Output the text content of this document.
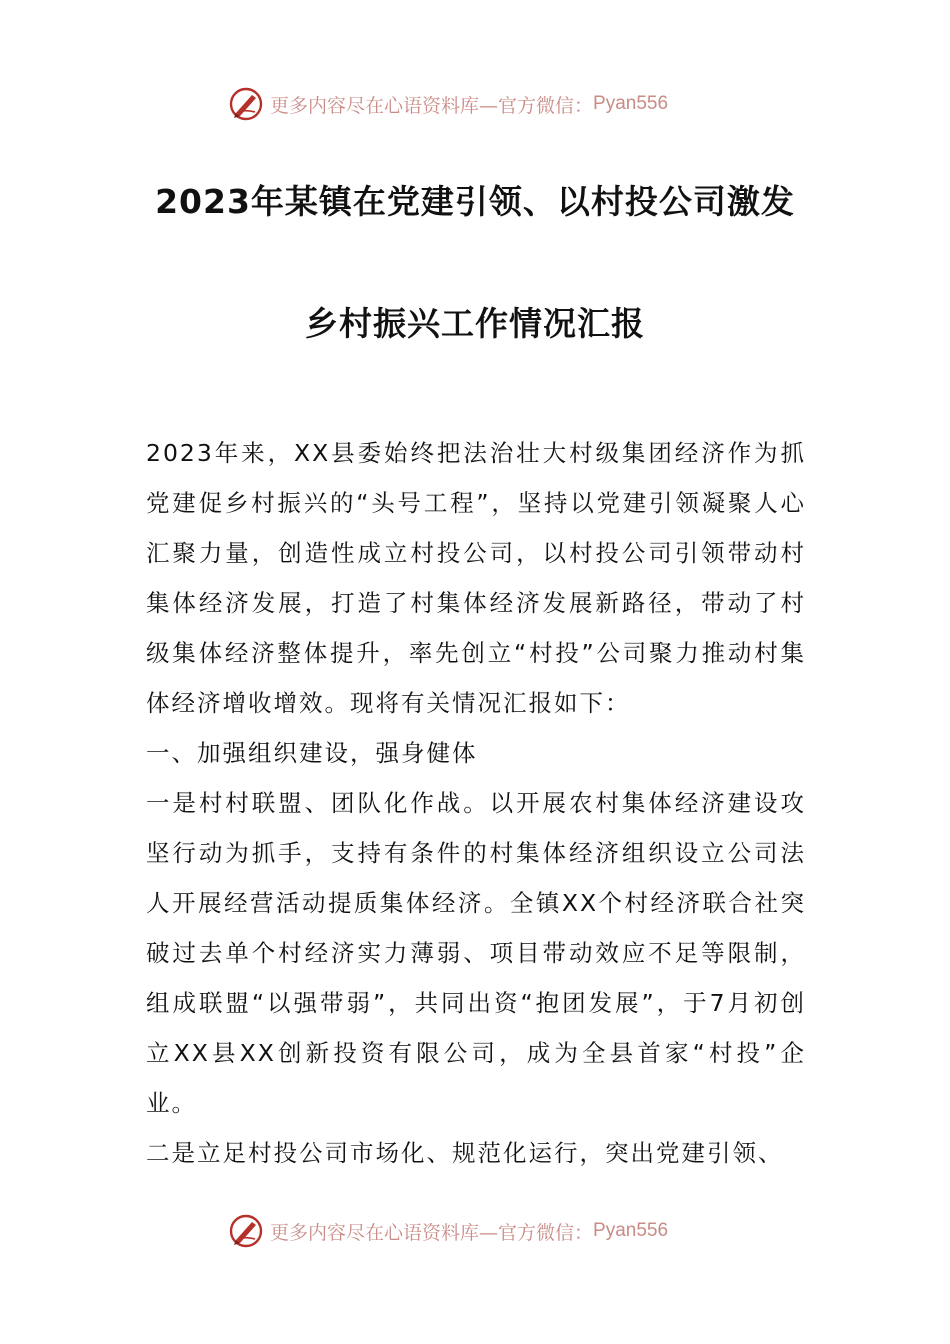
更多内容尽在心语资料库—官方微信： Pyan556
2023年某镇在党建引领、以村投公司激发
乡村振兴工作情况汇报

2023年来，XX县委始终把法治壮大村级集团经济作为抓党建促乡村振兴的“头号工程”，坚持以党建引领凝聚人心汇聚力量，创造性成立村投公司，以村投公司引领带动村集体经济发展，打造了村集体经济发展新路径，带动了村级集体经济整体提升，率先创立“村投”公司聚力推动村集体经济增收增效。现将有关情况汇报如下：

一、加强组织建设，强身健体

一是村村联盟、团队化作战。以开展农村集体经济建设攻坚行动为抓手，支持有条件的村集体经济组织设立公司法人开展经营活动提质集体经济。全镇XX个村经济联合社突破过去单个村经济实力薄弱、项目带动效应不足等限制，组成联盟“以强带弱”，共同出资“抱团发展”，于7月初创立XX县XX创新投资有限公司，成为全县首家“村投”企业。

二是立足村投公司市场化、规范化运行，突出党建引领、

更多内容尽在心语资料库—官方微信： Pyan556
